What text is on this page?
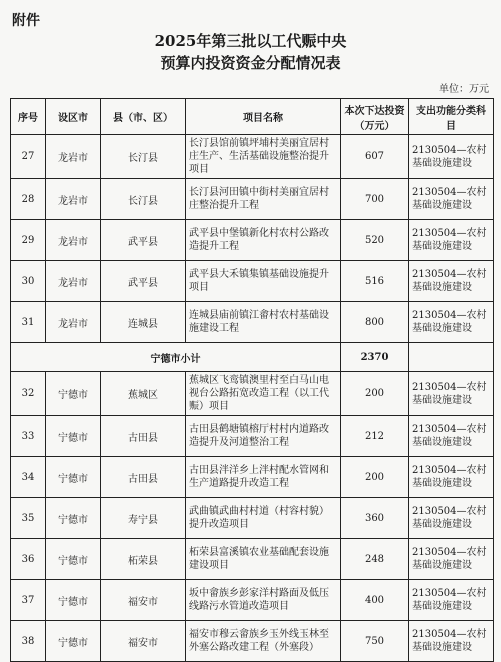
附件
2025年第三批以工代赈中央
预算内投资资金分配情况表
单位：万元
序号	设区市	县（市、区）	项目名称	本次下达投资（万元）	支出功能分类科目
27	龙岩市	长汀县	长汀县馆前镇坪埔村美丽宜居村庄生产、生活基础设施整治提升项目	607	2130504—农村基础设施建设
28	龙岩市	长汀县	长汀县河田镇中街村美丽宜居村庄整治提升工程	700	2130504—农村基础设施建设
29	龙岩市	武平县	武平县中堡镇新化村农村公路改造提升工程	520	2130504—农村基础设施建设
30	龙岩市	武平县	武平县大禾镇集镇基础设施提升项目	516	2130504—农村基础设施建设
31	龙岩市	连城县	连城县庙前镇江畬村农村基础设施建设工程	800	2130504—农村基础设施建设
宁德市小计				2370	
32	宁德市	蕉城区	蕉城区飞鸾镇澳里村至白马山电视台公路拓宽改造工程（以工代赈）项目	200	2130504—农村基础设施建设
33	宁德市	古田县	古田县鹤塘镇榕厅村村内道路改造提升及河道整治工程	212	2130504—农村基础设施建设
34	宁德市	古田县	古田县泮洋乡上泮村配水管网和生产道路提升改造工程	200	2130504—农村基础设施建设
35	宁德市	寿宁县	武曲镇武曲村村道（村容村貌）提升改造项目	360	2130504—农村基础设施建设
36	宁德市	柘荣县	柘荣县富溪镇农业基础配套设施建设项目	248	2130504—农村基础设施建设
37	宁德市	福安市	坂中畲族乡彭家洋村路面及低压线路污水管道改造项目	400	2130504—农村基础设施建设
38	宁德市	福安市	福安市穆云畲族乡玉外线玉林至外塞公路改建工程（外塞段）	750	2130504—农村基础设施建设
